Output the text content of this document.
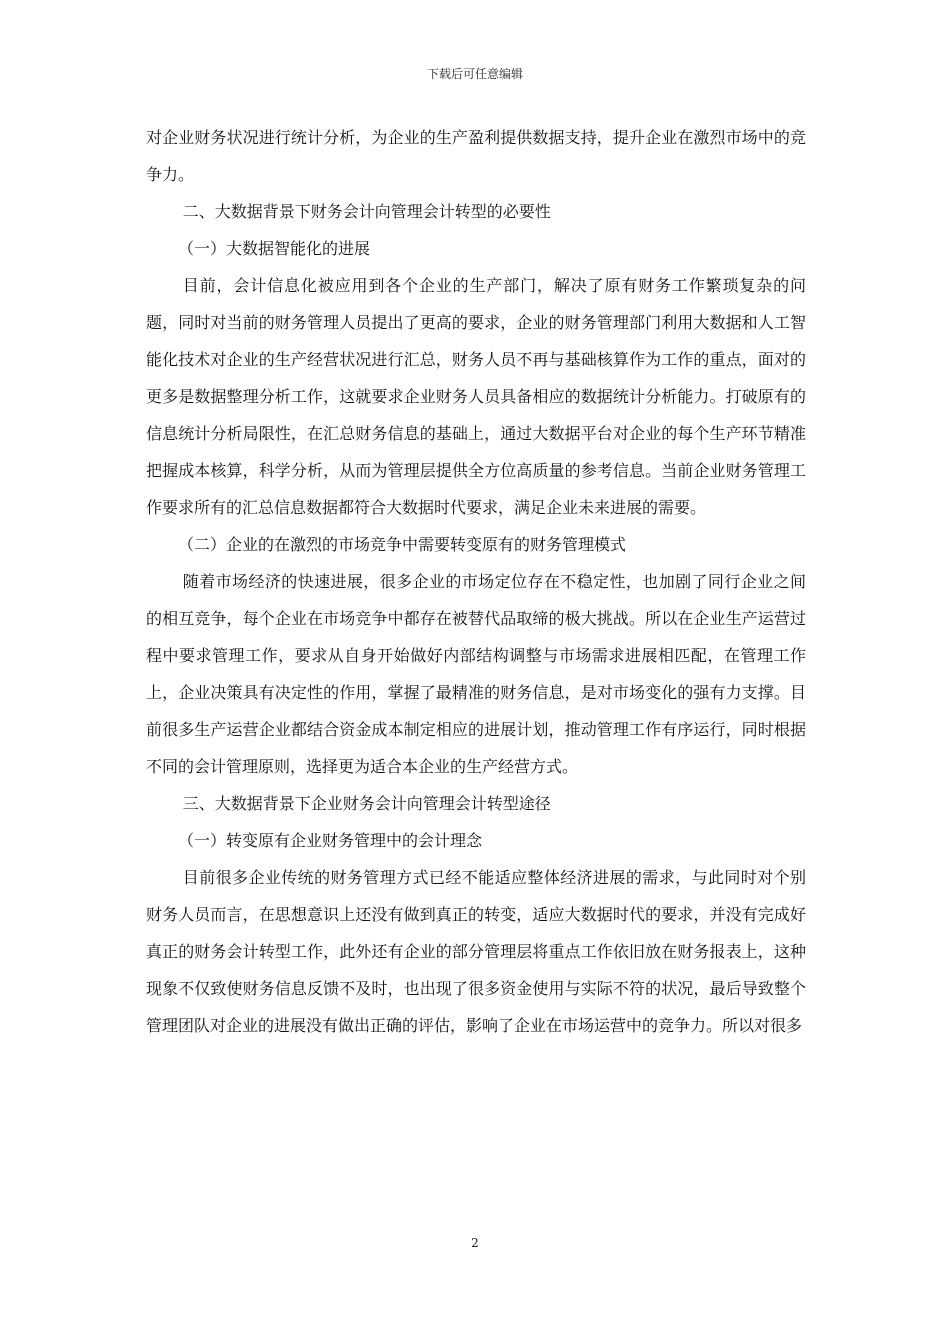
下载后可任意编辑

对企业财务状况进行统计分析，为企业的生产盈利提供数据支持，提升企业在激烈市场中的竞争力。

二、大数据背景下财务会计向管理会计转型的必要性

（一）大数据智能化的进展

目前，会计信息化被应用到各个企业的生产部门，解决了原有财务工作繁琐复杂的问题，同时对当前的财务管理人员提出了更高的要求，企业的财务管理部门利用大数据和人工智能化技术对企业的生产经营状况进行汇总，财务人员不再与基础核算作为工作的重点，面对的更多是数据整理分析工作，这就要求企业财务人员具备相应的数据统计分析能力。打破原有的信息统计分析局限性，在汇总财务信息的基础上，通过大数据平台对企业的每个生产环节精准把握成本核算，科学分析，从而为管理层提供全方位高质量的参考信息。当前企业财务管理工作要求所有的汇总信息数据都符合大数据时代要求，满足企业未来进展的需要。

（二）企业的在激烈的市场竞争中需要转变原有的财务管理模式

随着市场经济的快速进展，很多企业的市场定位存在不稳定性，也加剧了同行企业之间的相互竞争，每个企业在市场竞争中都存在被替代品取缔的极大挑战。所以在企业生产运营过程中要求管理工作，要求从自身开始做好内部结构调整与市场需求进展相匹配，在管理工作上，企业决策具有决定性的作用，掌握了最精准的财务信息，是对市场变化的强有力支撑。目前很多生产运营企业都结合资金成本制定相应的进展计划，推动管理工作有序运行，同时根据不同的会计管理原则，选择更为适合本企业的生产经营方式。

三、大数据背景下企业财务会计向管理会计转型途径

（一）转变原有企业财务管理中的会计理念

目前很多企业传统的财务管理方式已经不能适应整体经济进展的需求，与此同时对个别财务人员而言，在思想意识上还没有做到真正的转变，适应大数据时代的要求，并没有完成好真正的财务会计转型工作，此外还有企业的部分管理层将重点工作依旧放在财务报表上，这种现象不仅致使财务信息反馈不及时，也出现了很多资金使用与实际不符的状况，最后导致整个管理团队对企业的进展没有做出正确的评估，影响了企业在市场运营中的竞争力。所以对很多

2
